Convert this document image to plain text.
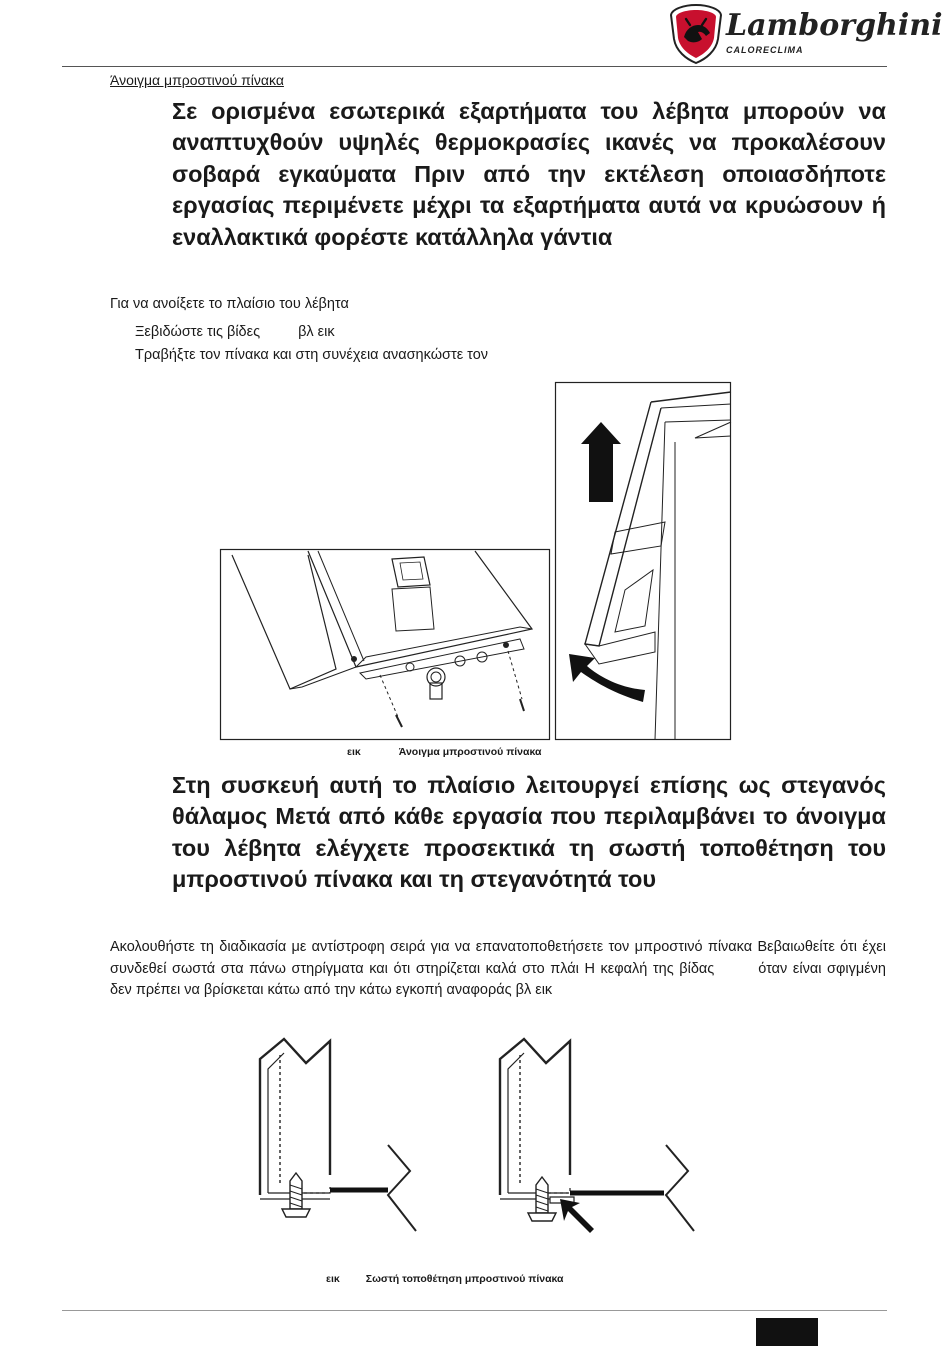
Lamborghini
CALORECLIMA
Άνοιγμα μπροστινού πίνακα
Σε ορισμένα εσωτερικά εξαρτήματα του λέβητα μπορούν να αναπτυχθούν υψηλές θερμοκρασίες ικανές να προκαλέσουν σοβαρά εγκαύματα Πριν από την εκτέλεση οποιασδήποτε εργασίας περιμένετε μέχρι τα εξαρτήματα αυτά να κρυώσουν ή εναλλακτικά φορέστε κατάλληλα γάντια
Για να ανοίξετε το πλαίσιο του λέβητα
Ξεβιδώστε τις βίδες	βλ εικ
Τραβήξτε τον πίνακα και στη συνέχεια ανασηκώστε τον
εικ	Άνοιγμα μπροστινού πίνακα
Στη συσκευή αυτή το πλαίσιο λειτουργεί επίσης ως στεγανός θάλαμος Μετά από κάθε εργασία που περιλαμβάνει το άνοιγμα του λέβητα ελέγχετε προσεκτικά τη σωστή τοποθέτηση του μπροστινού πίνακα και τη στεγανότητά του
Ακολουθήστε τη διαδικασία με αντίστροφη σειρά για να επανατοποθετήσετε τον μπροστινό πίνακα Βεβαιωθείτε ότι έχει συνδεθεί σωστά στα πάνω στηρίγματα και ότι στηρίζεται καλά στο πλάι Η κεφαλή της βίδας	όταν είναι σφιγμένη δεν πρέπει να βρίσκεται κάτω από την κάτω εγκοπή αναφοράς βλ εικ
εικ Σωστή τοποθέτηση μπροστινού πίνακα
